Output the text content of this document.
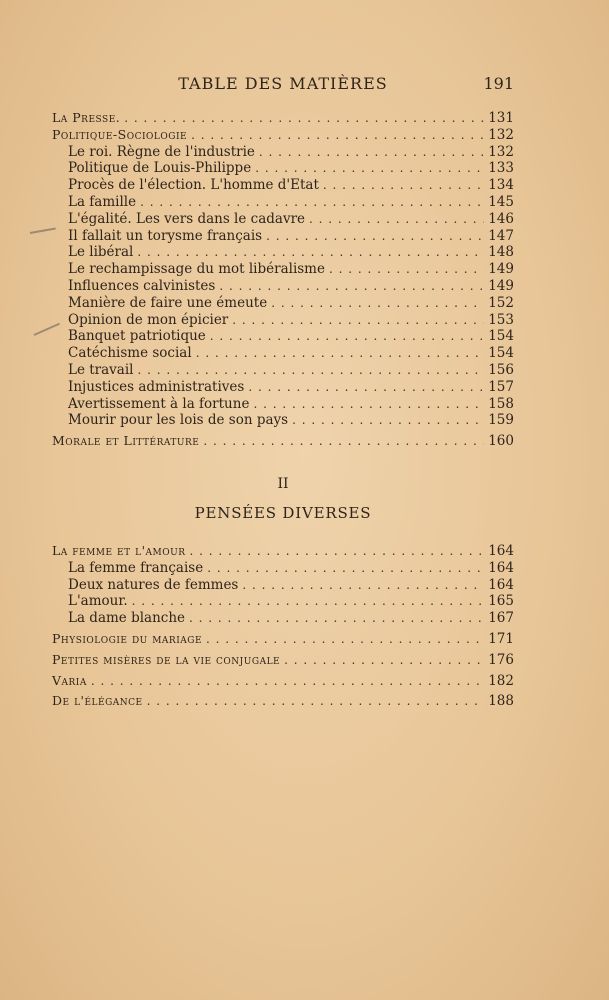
TABLE DES MATIÈRES	191
La Presse. . . .	131
Politique-Sociologie . . .	132
Le roi. Règne de l'industrie . . .	132
Politique de Louis-Philippe . . .	133
Procès de l'élection. L'homme d'Etat . . .	134
La famille . . .	145
L'égalité. Les vers dans le cadavre . . .	146
Il fallait un torysme français . . .	147
Le libéral . . .	148
Le rechampissage du mot libéralisme . . .	149
Influences calvinistes . . .	149
Manière de faire une émeute . . .	152
Opinion de mon épicier . . .	153
Banquet patriotique . . .	154
Catéchisme social . . .	154
Le travail . . .	156
Injustices administratives . . .	157
Avertissement à la fortune . . .	158
Mourir pour les lois de son pays . . .	159
Morale et Littérature . . .	160
II
PENSÉES DIVERSES
La femme et l'amour . . .	164
La femme française . . .	164
Deux natures de femmes . . .	164
L'amour. . . .	165
La dame blanche . . .	167
Physiologie du mariage . . .	171
Petites misères de la vie conjugale . . .	176
Varia . . .	182
De l'élégance . . .	188
